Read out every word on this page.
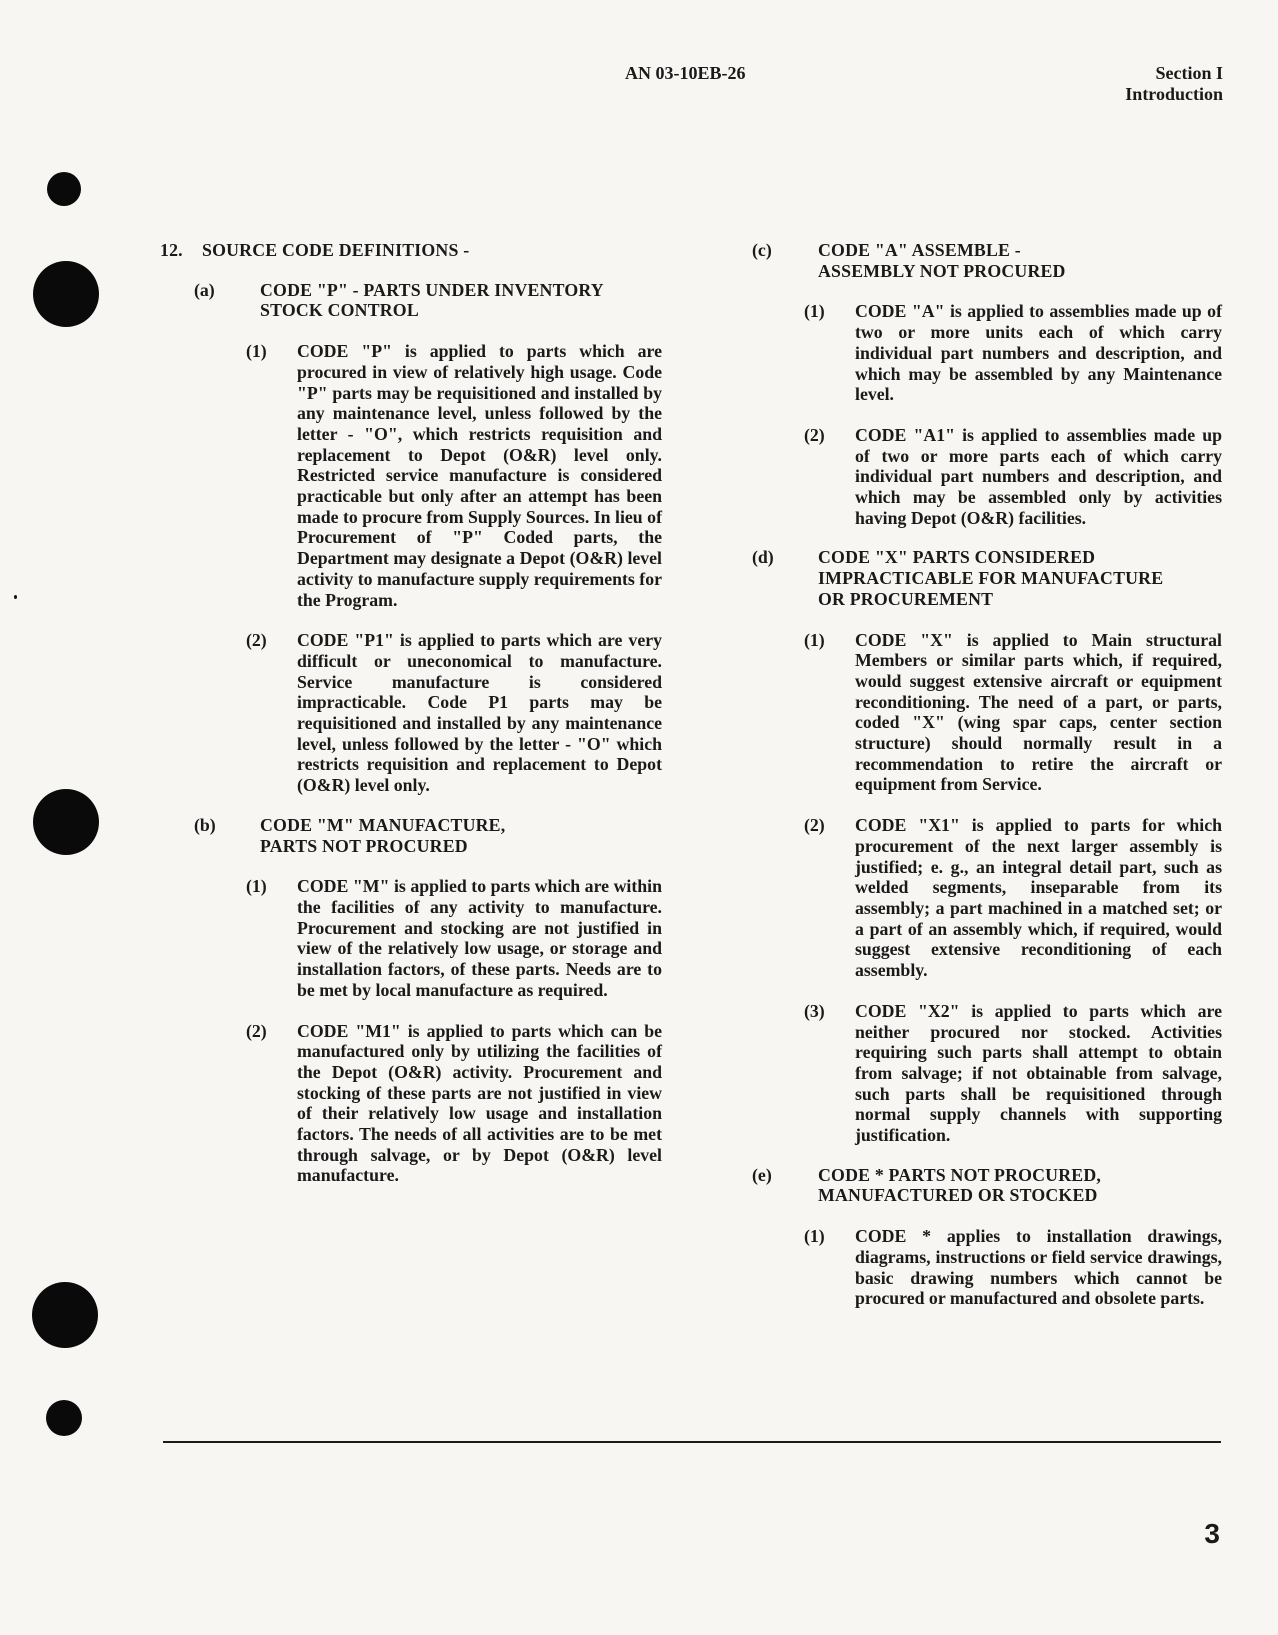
AN 03-10EB-26	Section I
Introduction
12.	SOURCE CODE DEFINITIONS -
(a)	CODE "P" - PARTS UNDER INVENTORY
STOCK CONTROL
(1)	CODE "P" is applied to parts which are procured in view of relatively high usage. Code "P" parts may be requisitioned and installed by any maintenance level, unless followed by the letter - "O", which restricts requisition and replacement to Depot (O&R) level only. Restricted service manufacture is considered practicable but only after an attempt has been made to procure from Supply Sources. In lieu of Procurement of "P" Coded parts, the Department may designate a Depot (O&R) level activity to manufacture supply requirements for the Program.

(2)	CODE "P1" is applied to parts which are very difficult or uneconomical to manufacture. Service manufacture is considered impracticable. Code P1 parts may be requisitioned and installed by any maintenance level, unless followed by the letter - "O" which restricts requisition and replacement to Depot (O&R) level only.

(b)	CODE "M" MANUFACTURE,
PARTS NOT PROCURED
(1)	CODE "M" is applied to parts which are within the facilities of any activity to manufacture. Procurement and stocking are not justified in view of the relatively low usage, or storage and installation factors, of these parts. Needs are to be met by local manufacture as required.

(2)	CODE "M1" is applied to parts which can be manufactured only by utilizing the facilities of the Depot (O&R) activity. Procurement and stocking of these parts are not justified in view of their relatively low usage and installation factors. The needs of all activities are to be met through salvage, or by Depot (O&R) level manufacture.

(c)	CODE "A" ASSEMBLE -
ASSEMBLY NOT PROCURED
(1)	CODE "A" is applied to assemblies made up of two or more units each of which carry individual part numbers and description, and which may be assembled by any Maintenance level.

(2)	CODE "A1" is applied to assemblies made up of two or more parts each of which carry individual part numbers and description, and which may be assembled only by activities having Depot (O&R) facilities.

(d)	CODE "X" PARTS CONSIDERED
IMPRACTICABLE FOR MANUFACTURE
OR PROCUREMENT
(1)	CODE "X" is applied to Main structural Members or similar parts which, if required, would suggest extensive aircraft or equipment reconditioning. The need of a part, or parts, coded "X" (wing spar caps, center section structure) should normally result in a recommendation to retire the aircraft or equipment from Service.

(2)	CODE "X1" is applied to parts for which procurement of the next larger assembly is justified; e. g., an integral detail part, such as welded segments, inseparable from its assembly; a part machined in a matched set; or a part of an assembly which, if required, would suggest extensive reconditioning of each assembly.

(3)	CODE "X2" is applied to parts which are neither procured nor stocked. Activities requiring such parts shall attempt to obtain from salvage; if not obtainable from salvage, such parts shall be requisitioned through normal supply channels with supporting justification.

(e)	CODE * PARTS NOT PROCURED,
MANUFACTURED OR STOCKED
(1)	CODE * applies to installation drawings, diagrams, instructions or field service drawings, basic drawing numbers which cannot be procured or manufactured and obsolete parts.

3
